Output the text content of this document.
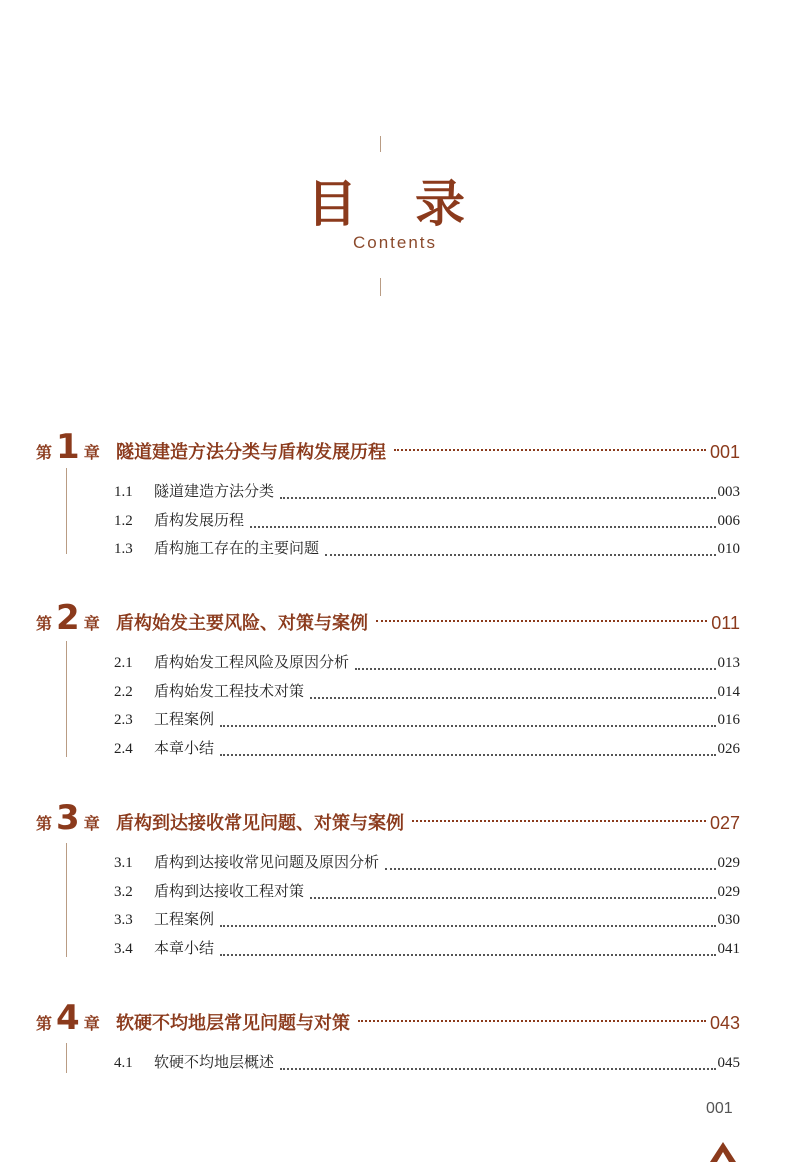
目录
Contents
第 1 章 隧道建造方法分类与盾构发展历程	001
1.1	隧道建造方法分类	003
1.2	盾构发展历程	006
1.3	盾构施工存在的主要问题	010
第 2 章 盾构始发主要风险、对策与案例	011
2.1	盾构始发工程风险及原因分析	013
2.2	盾构始发工程技术对策	014
2.3	工程案例	016
2.4	本章小结	026
第 3 章 盾构到达接收常见问题、对策与案例	027
3.1	盾构到达接收常见问题及原因分析	029
3.2	盾构到达接收工程对策	029
3.3	工程案例	030
3.4	本章小结	041
第 4 章 软硬不均地层常见问题与对策	043
4.1	软硬不均地层概述	045
001
